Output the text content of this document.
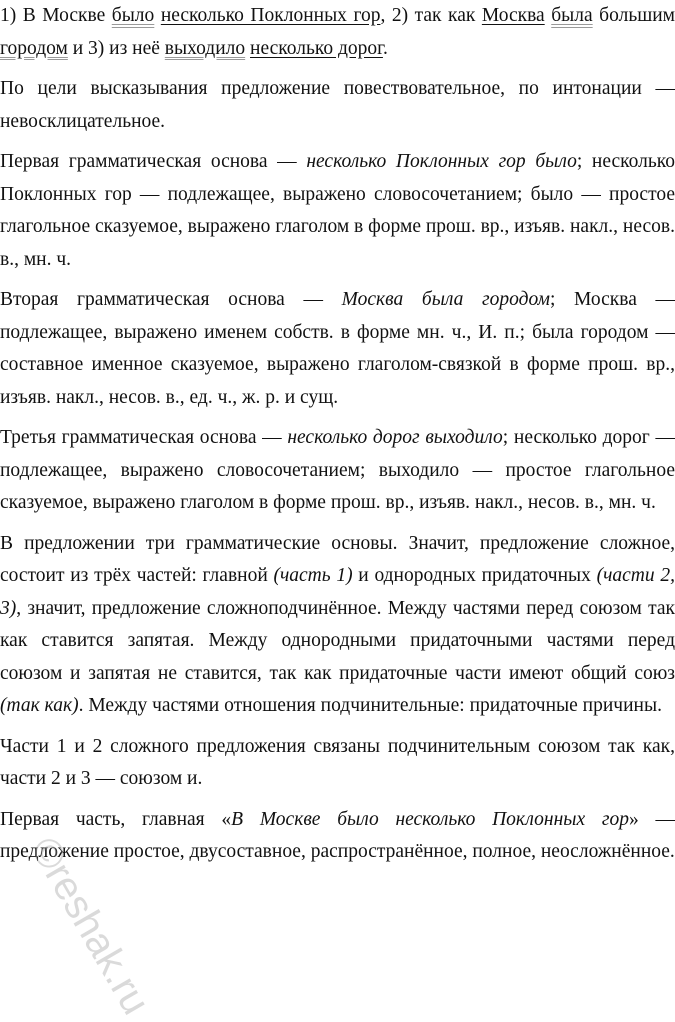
1) В Москве было несколько Поклонных гор, 2) так как Москва была большим городом и 3) из неё выходило несколько дорог.

По цели высказывания предложение повествовательное, по интонации — невосклицательное.

Первая грамматическая основа — несколько Поклонных гор было; несколько Поклонных гор — подлежащее, выражено словосочетанием; было — простое глагольное сказуемое, выражено глаголом в форме прош. вр., изъяв. накл., несов. в., мн. ч.

Вторая грамматическая основа — Москва была городом; Москва — подлежащее, выражено именем собств. в форме мн. ч., И. п.; была городом — составное именное сказуемое, выражено глаголом-связкой в форме прош. вр., изъяв. накл., несов. в., ед. ч., ж. р. и сущ.

Третья грамматическая основа — несколько дорог выходило; несколько дорог — подлежащее, выражено словосочетанием; выходило — простое глагольное сказуемое, выражено глаголом в форме прош. вр., изъяв. накл., несов. в., мн. ч.

В предложении три грамматические основы. Значит, предложение сложное, состоит из трёх частей: главной (часть 1) и однородных придаточных (части 2, 3), значит, предложение сложноподчинённое. Между частями перед союзом так как ставится запятая. Между однородными придаточными частями перед союзом и запятая не ставится, так как придаточные части имеют общий союз (так как). Между частями отношения подчинительные: придаточные причины.

Части 1 и 2 сложного предложения связаны подчинительным союзом так как, части 2 и 3 — союзом и.

Первая часть, главная «В Москве было несколько Поклонных гор» — предложение простое, двусоставное, распространённое, полное, неосложнённое.

©reshak.ru
